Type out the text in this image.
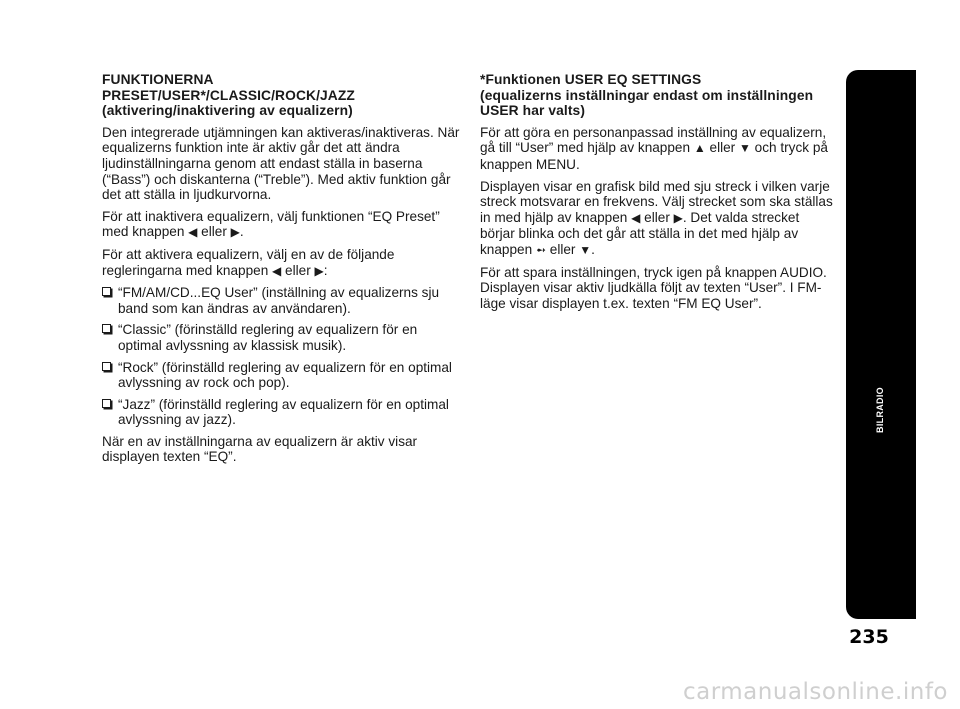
FUNKTIONERNA
PRESET/USER*/CLASSIC/ROCK/JAZZ
(aktivering/inaktivering av equalizern)

Den integrerade utjämningen kan aktiveras/inaktiveras. När equalizerns funktion inte är aktiv går det att ändra ljudinställningarna genom att endast ställa in baserna (“Bass”) och diskanterna (“Treble”). Med aktiv funktion går det att ställa in ljudkurvorna.

För att inaktivera equalizern, välj funktionen “EQ Preset” med knappen ◀ eller ▶.

För att aktivera equalizern, välj en av de följande regleringarna med knappen ◀ eller ▶:

“FM/AM/CD...EQ User” (inställning av equalizerns sju band som kan ändras av användaren).
“Classic” (förinställd reglering av equalizern för en optimal avlyssning av klassisk musik).
“Rock” (förinställd reglering av equalizern för en optimal avlyssning av rock och pop).
“Jazz” (förinställd reglering av equalizern för en optimal avlyssning av jazz).

När en av inställningarna av equalizern är aktiv visar displayen texten “EQ”.

*Funktionen USER EQ SETTINGS
(equalizerns inställningar endast om inställningen
USER har valts)

För att göra en personanpassad inställning av equalizern, gå till “User” med hjälp av knappen ▲ eller ▼ och tryck på knappen MENU.

Displayen visar en grafisk bild med sju streck i vilken varje streck motsvarar en frekvens. Välj strecket som ska ställas in med hjälp av knappen ◀ eller ▶. Det valda strecket börjar blinka och det går att ställa in det med hjälp av knappen ➻ eller ▼.

För att spara inställningen, tryck igen på knappen AUDIO. Displayen visar aktiv ljudkälla följt av texten “User”. I FM-läge visar displayen t.ex. texten “FM EQ User”.

BILRADIO
235
carmanualsonline.info
